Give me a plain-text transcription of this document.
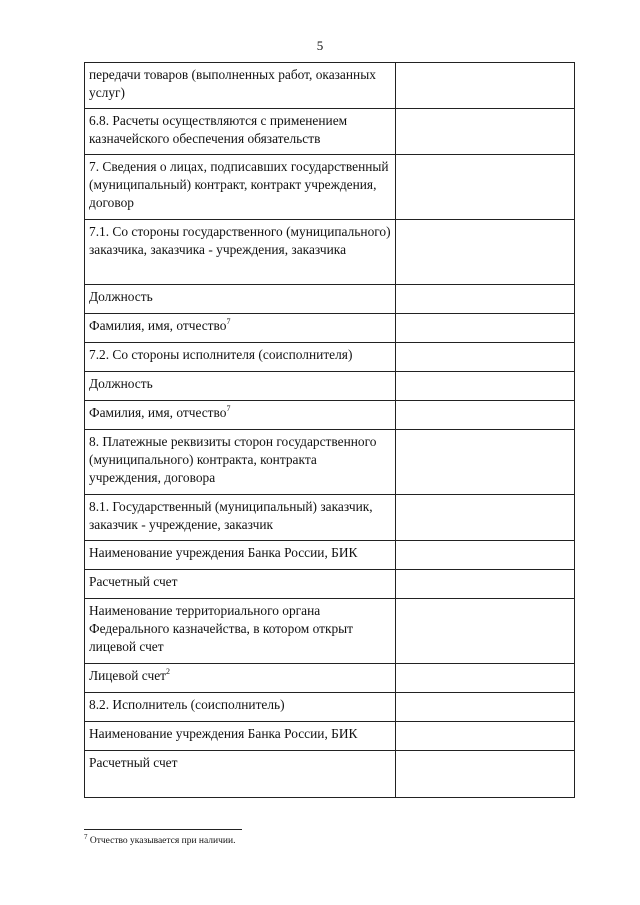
5
передачи товаров (выполненных работ, оказанных услуг)	
6.8. Расчеты осуществляются с применением казначейского обеспечения обязательств	
7. Сведения о лицах, подписавших государственный (муниципальный) контракт, контракт учреждения, договор	
7.1. Со стороны государственного (муниципального) заказчика, заказчика - учреждения, заказчика	
Должность	
Фамилия, имя, отчество$^7$	
7.2. Со стороны исполнителя (соисполнителя)	
Должность	
Фамилия, имя, отчество$^7$	
8. Платежные реквизиты сторон государственного (муниципального) контракта, контракта учреждения, договора	
8.1. Государственный (муниципальный) заказчик, заказчик - учреждение, заказчик	
Наименование учреждения Банка России, БИК	
Расчетный счет	
Наименование территориального органа Федерального казначейства, в котором открыт лицевой счет	
Лицевой счет$^2$	
8.2. Исполнитель (соисполнитель)	
Наименование учреждения Банка России, БИК	
Расчетный счет	
$^7$ Отчество указывается при наличии.
